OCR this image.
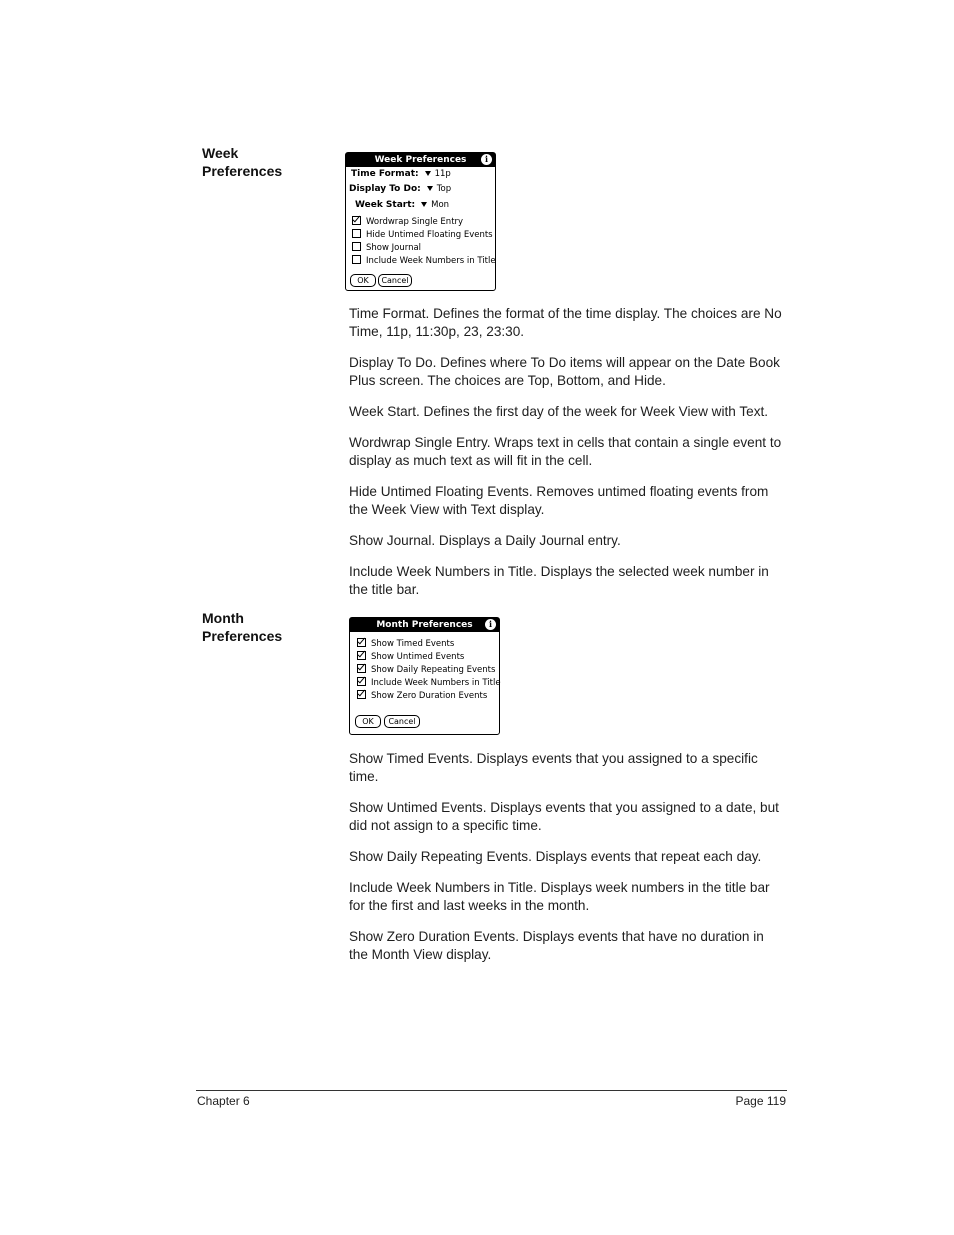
Week
Preferences
Week Preferences	i
Time Format: 11p
Display To Do: Top
Week Start: Mon
Wordwrap Single Entry
Hide Untimed Floating Events
Show Journal
Include Week Numbers in Title
OK	Cancel

Time Format. Defines the format of the time display. The choices are No Time, 11p, 11:30p, 23, 23:30.

Display To Do. Defines where To Do items will appear on the Date Book Plus screen. The choices are Top, Bottom, and Hide.

Week Start. Defines the first day of the week for Week View with Text.

Wordwrap Single Entry. Wraps text in cells that contain a single event to display as much text as will fit in the cell.

Hide Untimed Floating Events. Removes untimed floating events from the Week View with Text display.

Show Journal. Displays a Daily Journal entry.

Include Week Numbers in Title. Displays the selected week number in the title bar.

Month
Preferences
Month Preferences	i
Show Timed Events
Show Untimed Events
Show Daily Repeating Events
Include Week Numbers in Title
Show Zero Duration Events
OK	Cancel

Show Timed Events. Displays events that you assigned to a specific time.

Show Untimed Events. Displays events that you assigned to a date, but did not assign to a specific time.

Show Daily Repeating Events. Displays events that repeat each day.

Include Week Numbers in Title. Displays week numbers in the title bar for the first and last weeks in the month.

Show Zero Duration Events. Displays events that have no duration in the Month View display.

Chapter 6	Page 119
